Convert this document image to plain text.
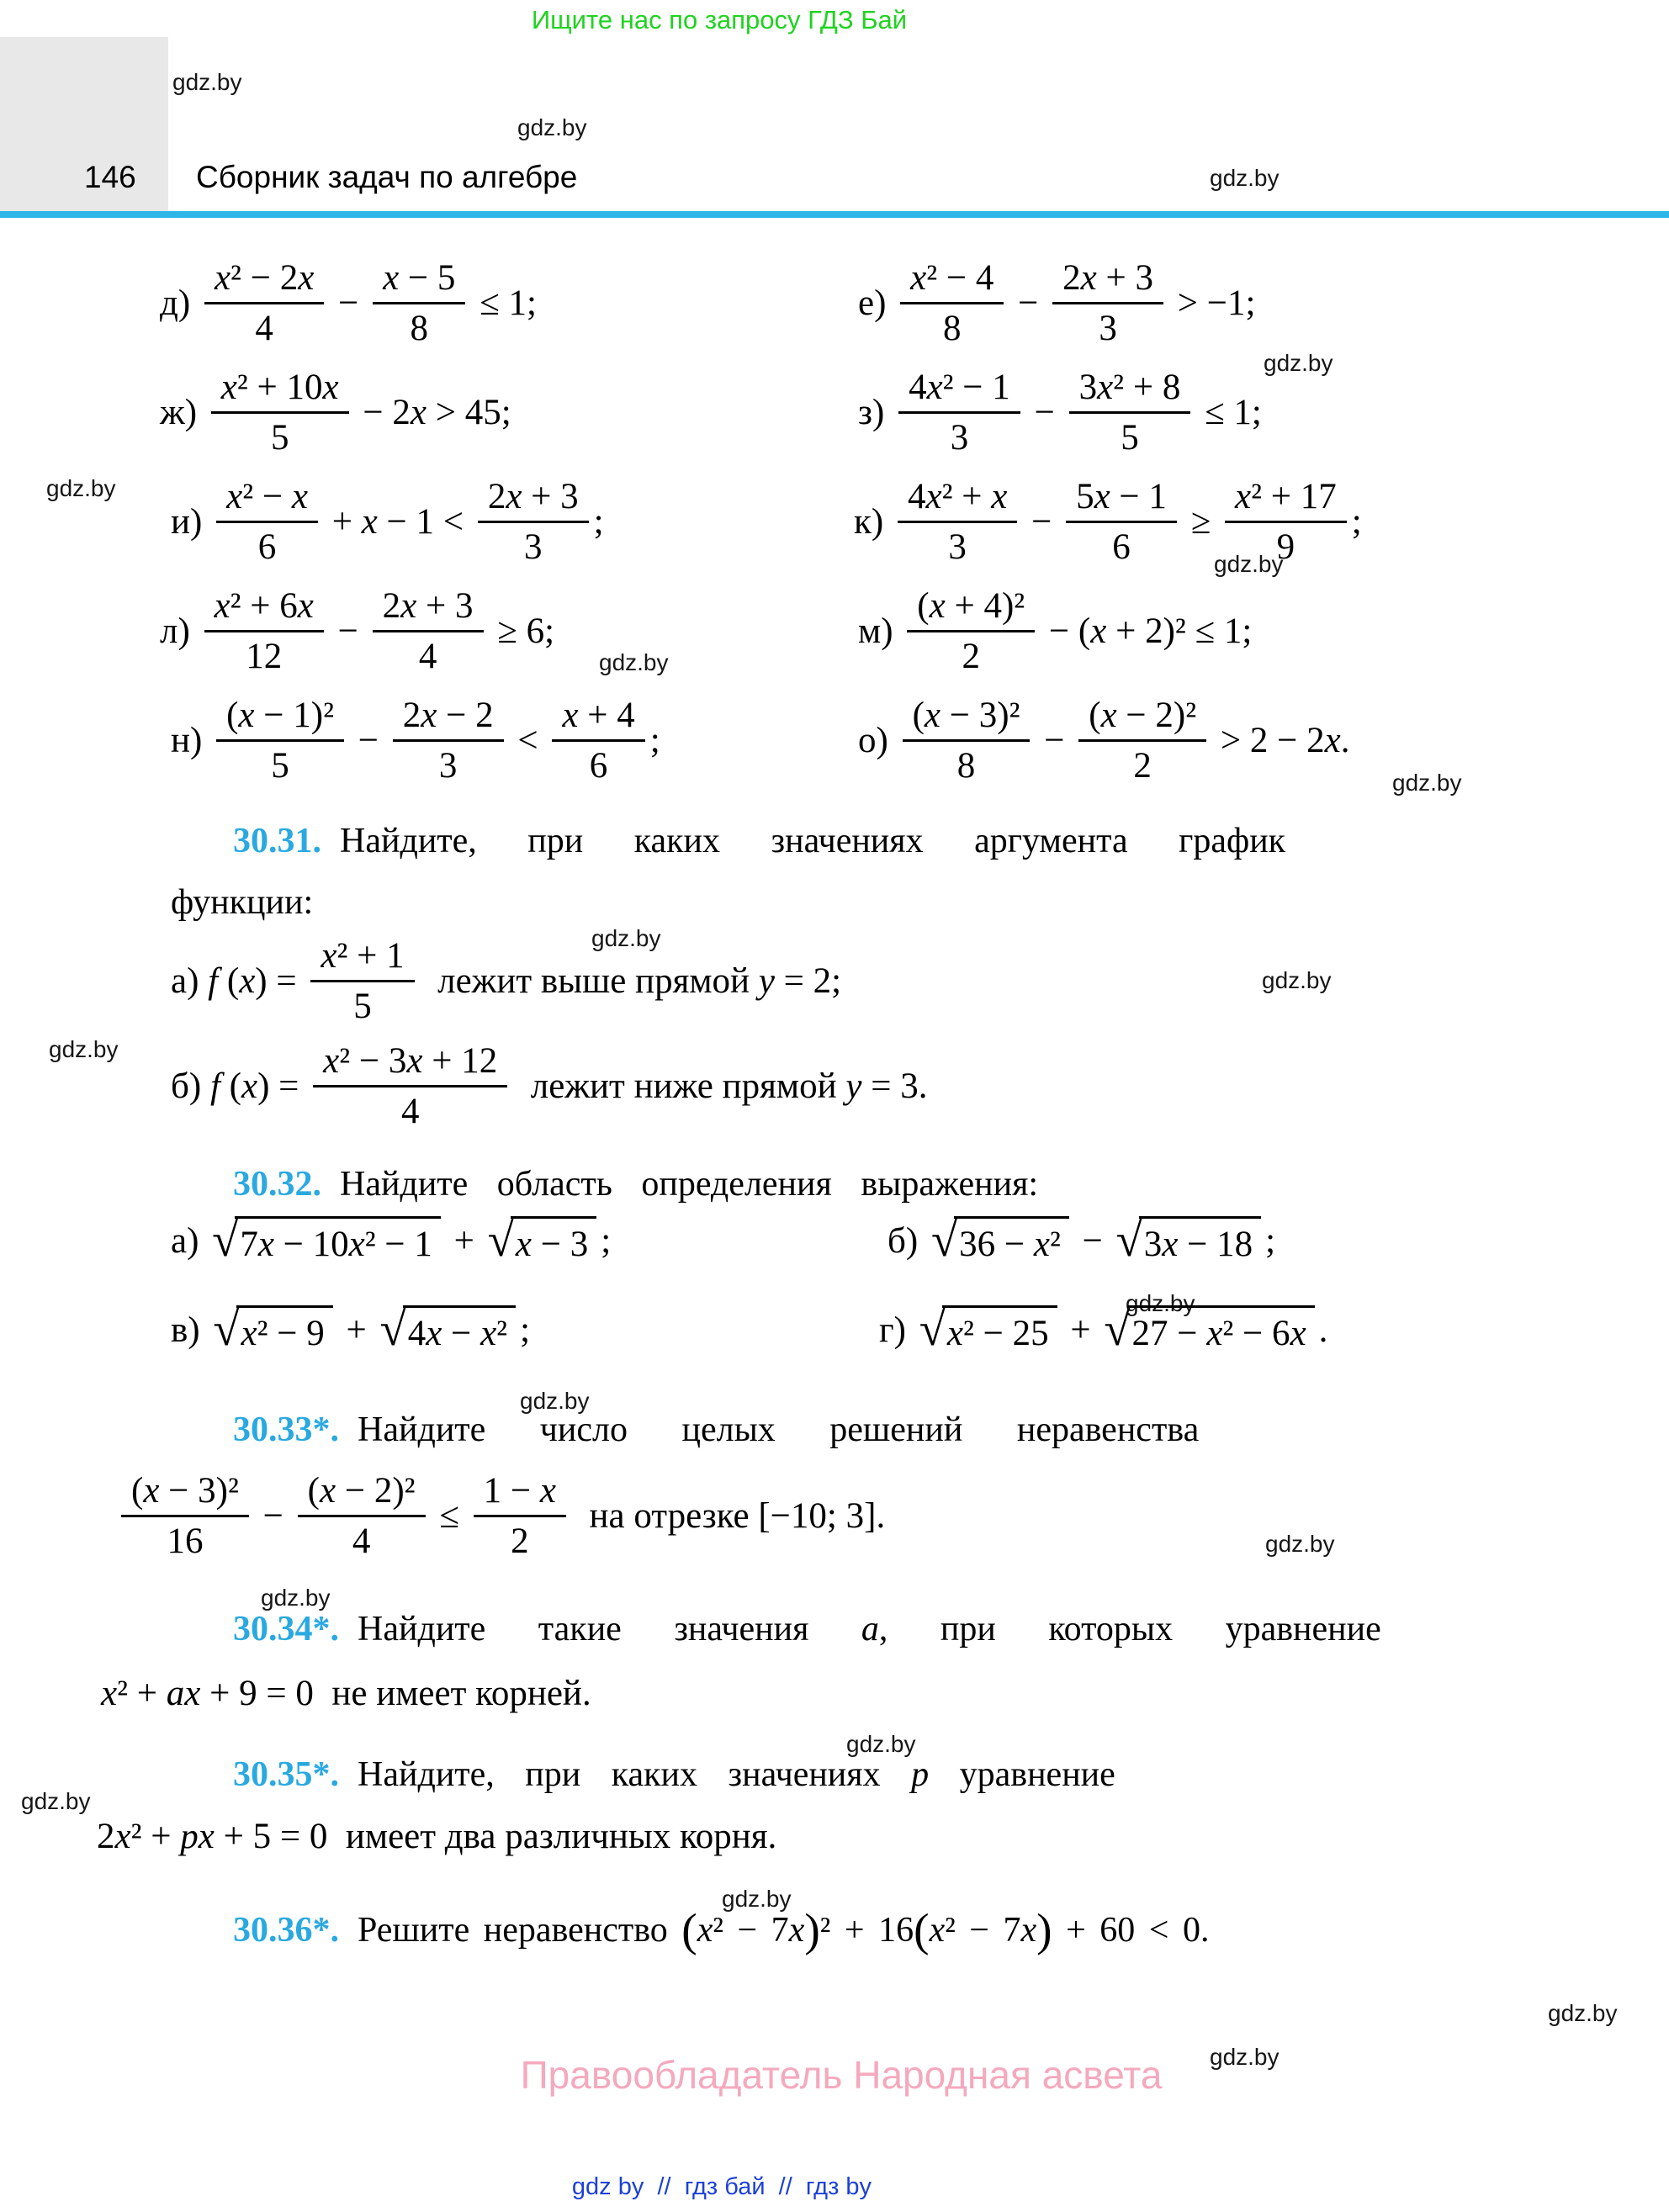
Ищите нас по запросу ГДЗ Бай
146 Сборник задач по алгебре
gdz.by
gdz.by
gdz.by
gdz.by
gdz.by
gdz.by
gdz.by
gdz.by
gdz.by
gdz.by
gdz.by
gdz.by
gdz.by
gdz.by
gdz.by
gdz.by
gdz.by
gdz.by
gdz.by
gdz.by
$д) \frac{\text{x² − 2x}}{4} - \frac{x - 5}{8} \le 1$;	$е) \frac{\text{x² − 4}}{8} - \frac{2x + 3}{3} > -1$;
$ж) \frac{\text{x² + 10x}}{5} - 2$ x > 45;	$з) \frac{\text{4x² − 1}}{3} - \frac{\text{3x² + 8}}{5} \le 1$;
$и) \frac{\text{x² − x}}{6} + x - 1 < \frac{2x + 3}{3}$ ;	$к) \frac{\text{4x² + x}}{3} - \frac{5x - 1}{6} \ge \frac{\text{x² + 17}}{9}$ ;
$л) \frac{\text{x² + 6x}}{12} - \frac{2x + 3}{4} \ge 6$;	$м) \frac{\text{(x + 4)²}}{2}$ − ( x + 2)² ≤ 1;
$н) \frac{\text{(x − 1)²}}{5} - \frac{2x - 2}{3} < \frac{x + 4}{6}$ ;	$о) \frac{\text{(x − 3)²}}{8} - \frac{\text{(x − 2)²}}{2} > 2 - 2$ x .
30.31. Найдите, при каких значениях аргумента график
функции:
а) f ( x ) = $\frac{\text{x² + 1}}{5}$ лежит выше прямой y = 2;
б) f ( x ) = $\frac{\text{x² − 3x + 12}}{4}$ лежит ниже прямой y = 3.
30.32. Найдите область определения выражения:
а) √ 7x − 10x² − 1 + √ x − 3 ;	б) √ 36 − x² − √ 3x − 18 ;
в) √ x² − 9 + √ 4x − x² ;	г) √ x² − 25 + √ 27 − x² − 6x .
30.33*. Найдите число целых решений неравенства
$\frac{\text{(x − 3)²}}{16} - \frac{\text{(x − 2)²}}{4} \le \frac{1 - x}{2}$ на отрезке [−10; 3].
30.34*. Найдите такие значения a , при которых уравнение
x ² + ax + 9 = 0  не имеет корней.
30.35*. Найдите, при каких значениях p уравнение
2 x ² + px + 5 = 0  имеет два различных корня.
30.36*. Решите неравенство ( x ² − 7 x ) ² + 16 ( x ² − 7 x ) + 60 < 0.
Правообладатель Народная асвета
gdz by  //  гдз бай  //  гдз by
